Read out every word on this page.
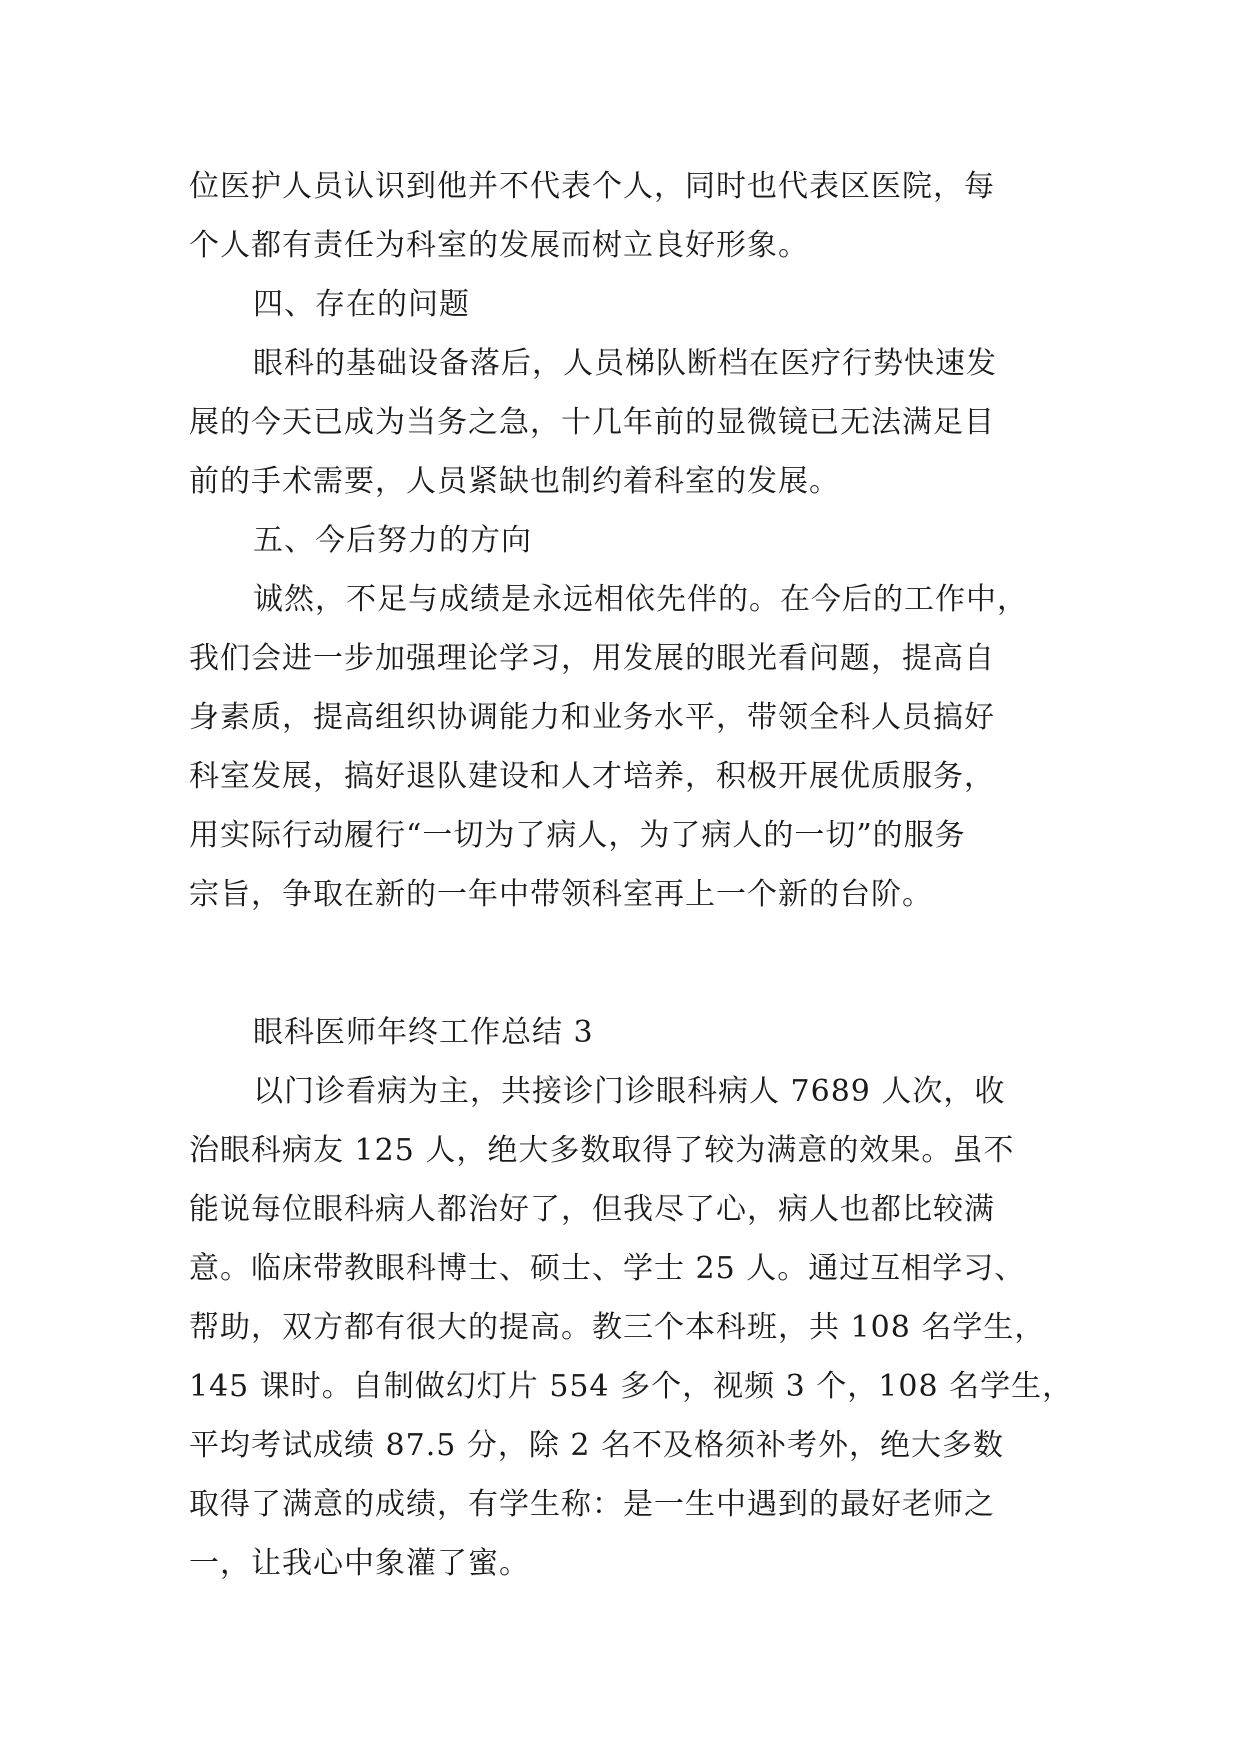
位医护人员认识到他并不代表个人，同时也代表区医院，每
个人都有责任为科室的发展而树立良好形象。
四、存在的问题
眼科的基础设备落后，人员梯队断档在医疗行势快速发
展的今天已成为当务之急，十几年前的显微镜已无法满足目
前的手术需要，人员紧缺也制约着科室的发展。
五、今后努力的方向
诚然，不足与成绩是永远相依先伴的。在今后的工作中，
我们会进一步加强理论学习，用发展的眼光看问题，提高自
身素质，提高组织协调能力和业务水平，带领全科人员搞好
科室发展，搞好退队建设和人才培养，积极开展优质服务，
用实际行动履行“一切为了病人，为了病人的一切”的服务
宗旨，争取在新的一年中带领科室再上一个新的台阶。
眼科医师年终工作总结 3
以门诊看病为主，共接诊门诊眼科病人 7689 人次，收
治眼科病友 125 人，绝大多数取得了较为满意的效果。虽不
能说每位眼科病人都治好了，但我尽了心，病人也都比较满
意。临床带教眼科博士、硕士、学士 25 人。通过互相学习、
帮助，双方都有很大的提高。教三个本科班，共 108 名学生，
145 课时。自制做幻灯片 554 多个，视频 3 个，108 名学生，
平均考试成绩 87.5 分，除 2 名不及格须补考外，绝大多数
取得了满意的成绩，有学生称：是一生中遇到的最好老师之
一，让我心中象灌了蜜。
